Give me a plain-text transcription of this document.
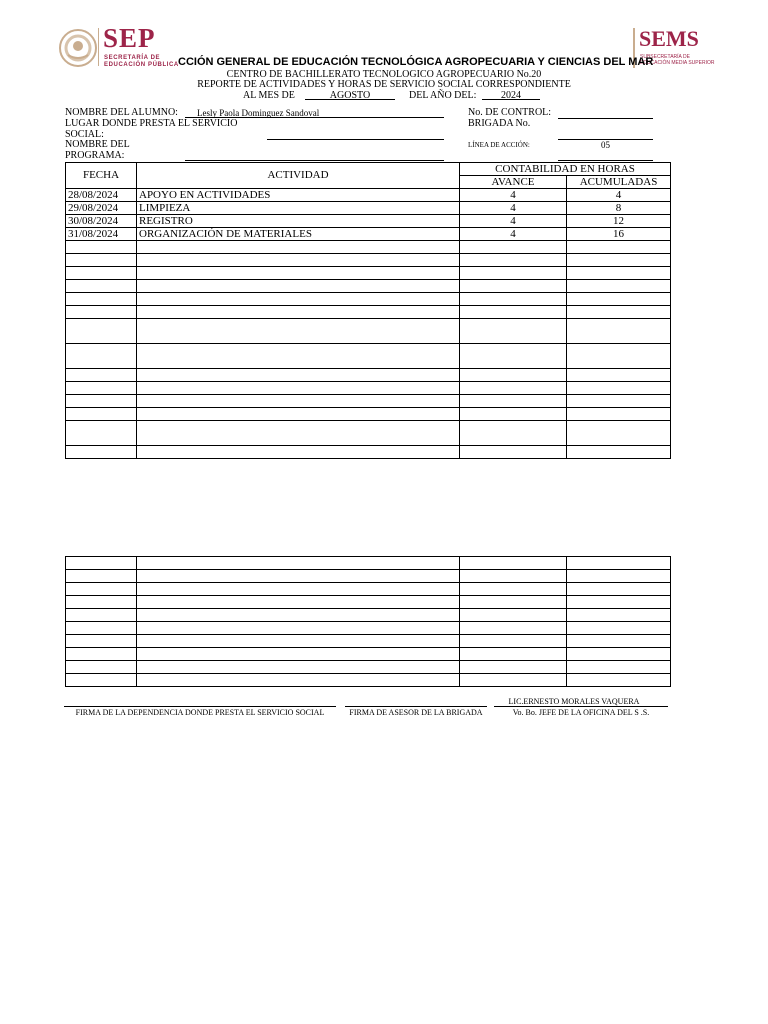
SEP
SECRETARÍA DE
EDUCACIÓN PÚBLICA
SEMS
SUBSECRETARÍA DE
EDUCACIÓN MEDIA SUPERIOR
CCIÓN GENERAL DE EDUCACIÓN TECNOLÓGICA AGROPECUARIA Y CIENCIAS DEL MAR
CENTRO DE BACHILLERATO TECNOLOGICO AGROPECUARIO No.20
REPORTE DE ACTIVIDADES Y HORAS DE SERVICIO SOCIAL CORRESPONDIENTE
AL MES DE	AGOSTO	DEL AÑO DEL:	2024
NOMBRE DEL ALUMNO: Lesly Paola Dominguez Sandoval
LUGAR DONDE PRESTA EL SERVICIO
SOCIAL:
NOMBRE DEL
PROGRAMA:
No. DE CONTROL:
BRIGADA No.
LÍNEA DE ACCIÓN:	05
FECHA	ACTIVIDAD	CONTABILIDAD EN HORAS	
		AVANCE	ACUMULADAS
28/08/2024	APOYO EN ACTIVIDADES	4	4
29/08/2024	LIMPIEZA	4	8
30/08/2024	REGISTRO	4	12
31/08/2024	ORGANIZACIÓN DE MATERIALES	4	16

FIRMA DE LA DEPENDENCIA DONDE PRESTA EL SERVICIO SOCIAL	FIRMA DE ASESOR DE LA BRIGADA
LIC.ERNESTO MORALES VAQUERA
Vo. Bo. JEFE DE LA OFICINA DEL S .S.
